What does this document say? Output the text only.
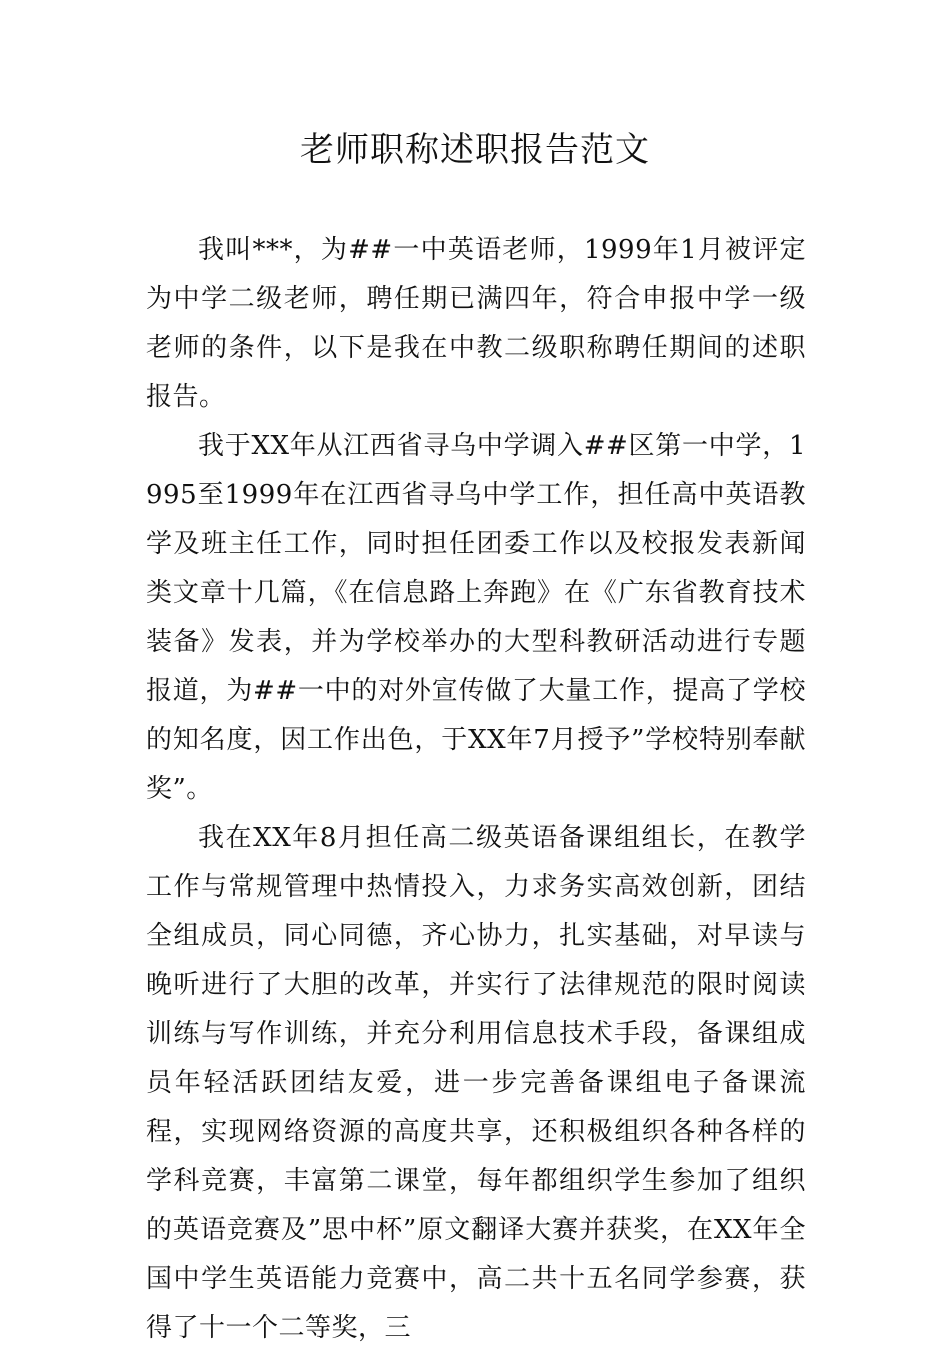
老师职称述职报告范文

我叫***，为##一中英语老师，1999年1月被评定为中学二级老师，聘任期已满四年，符合申报中学一级老师的条件，以下是我在中教二级职称聘任期间的述职报告。

我于XX年从江西省寻乌中学调入##区第一中学，1995至1999年在江西省寻乌中学工作，担任高中英语教学及班主任工作，同时担任团委工作以及校报发表新闻类文章十几篇，《在信息路上奔跑》在《广东省教育技术装备》发表，并为学校举办的大型科教研活动进行专题报道，为##一中的对外宣传做了大量工作，提高了学校的知名度，因工作出色，于XX年7月授予”学校特别奉献奖”。

我在XX年8月担任高二级英语备课组组长，在教学工作与常规管理中热情投入，力求务实高效创新，团结全组成员，同心同德，齐心协力，扎实基础，对早读与晚听进行了大胆的改革，并实行了法律规范的限时阅读训练与写作训练，并充分利用信息技术手段，备课组成员年轻活跃团结友爱，进一步完善备课组电子备课流程，实现网络资源的高度共享，还积极组织各种各样的学科竞赛，丰富第二课堂，每年都组织学生参加了组织的英语竞赛及”思中杯”原文翻译大赛并获奖，在XX年全国中学生英语能力竞赛中，高二共十五名同学参赛，获得了十一个二等奖，三
